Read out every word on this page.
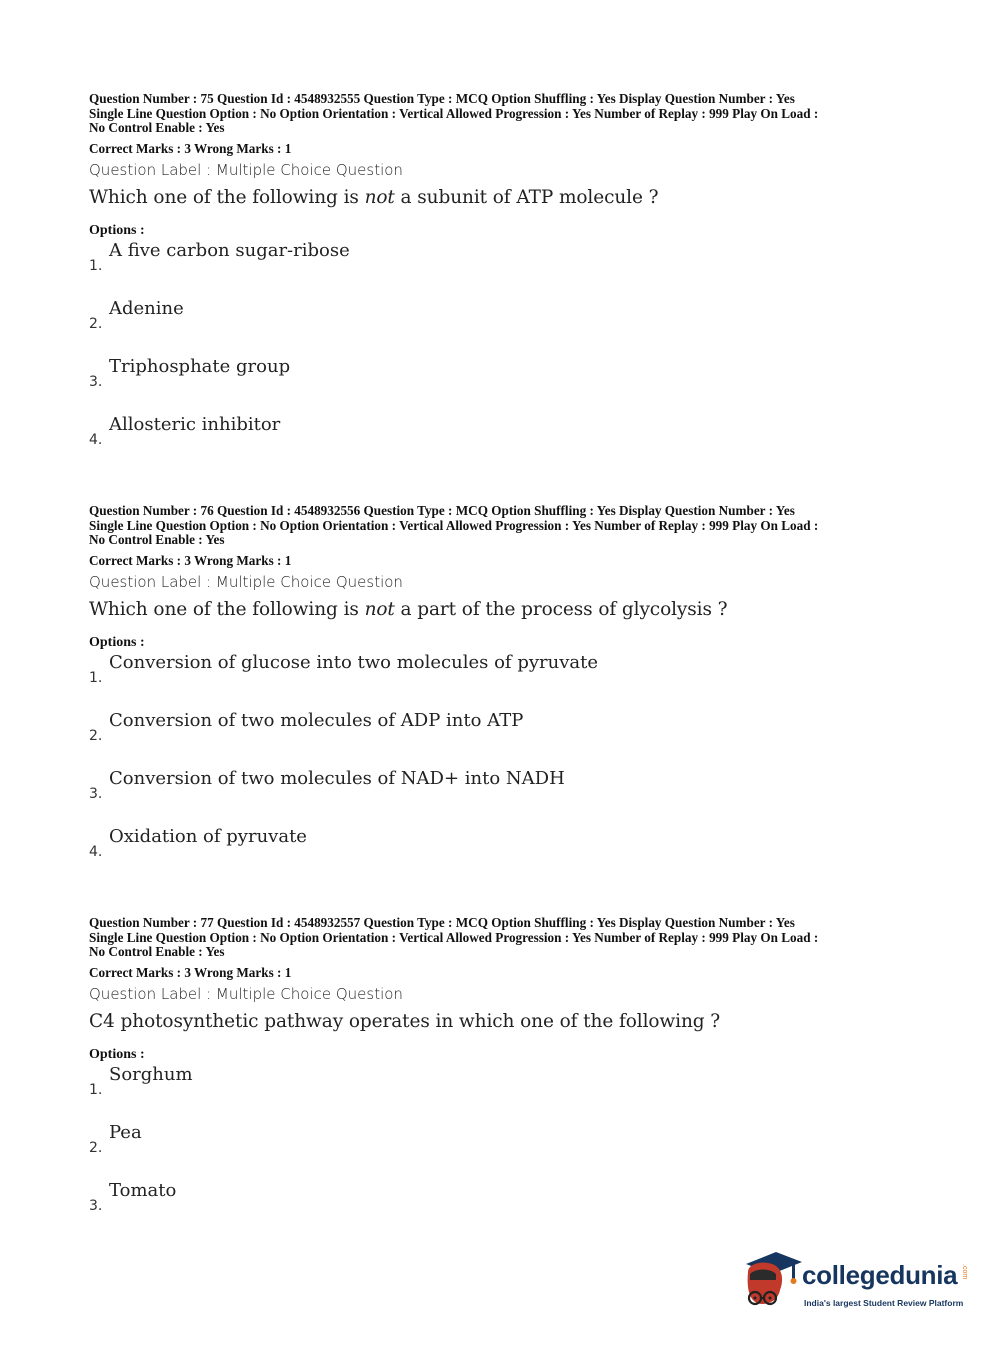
Question Number : 75 Question Id : 4548932555 Question Type : MCQ Option Shuffling : Yes Display Question Number : Yes

Single Line Question Option : No Option Orientation : Vertical Allowed Progression : Yes Number of Replay : 999 Play On Load :

No Control Enable : Yes

Correct Marks : 3 Wrong Marks : 1
Question Label : Multiple Choice Question
Which one of the following is not a subunit of ATP molecule ?
Options :
1.
A five carbon sugar-ribose
2.
Adenine
3.
Triphosphate group
4.
Allosteric inhibitor

Question Number : 76 Question Id : 4548932556 Question Type : MCQ Option Shuffling : Yes Display Question Number : Yes

Single Line Question Option : No Option Orientation : Vertical Allowed Progression : Yes Number of Replay : 999 Play On Load :

No Control Enable : Yes

Correct Marks : 3 Wrong Marks : 1
Question Label : Multiple Choice Question
Which one of the following is not a part of the process of glycolysis ?
Options :
1.
Conversion of glucose into two molecules of pyruvate
2.
Conversion of two molecules of ADP into ATP
3.
Conversion of two molecules of NAD+ into NADH
4.
Oxidation of pyruvate

Question Number : 77 Question Id : 4548932557 Question Type : MCQ Option Shuffling : Yes Display Question Number : Yes

Single Line Question Option : No Option Orientation : Vertical Allowed Progression : Yes Number of Replay : 999 Play On Load :

No Control Enable : Yes

Correct Marks : 3 Wrong Marks : 1
Question Label : Multiple Choice Question
C4 photosynthetic pathway operates in which one of the following ?
Options :
1.
Sorghum
2.
Pea
3.
Tomato
collegedunia .com
India's largest Student Review Platform
